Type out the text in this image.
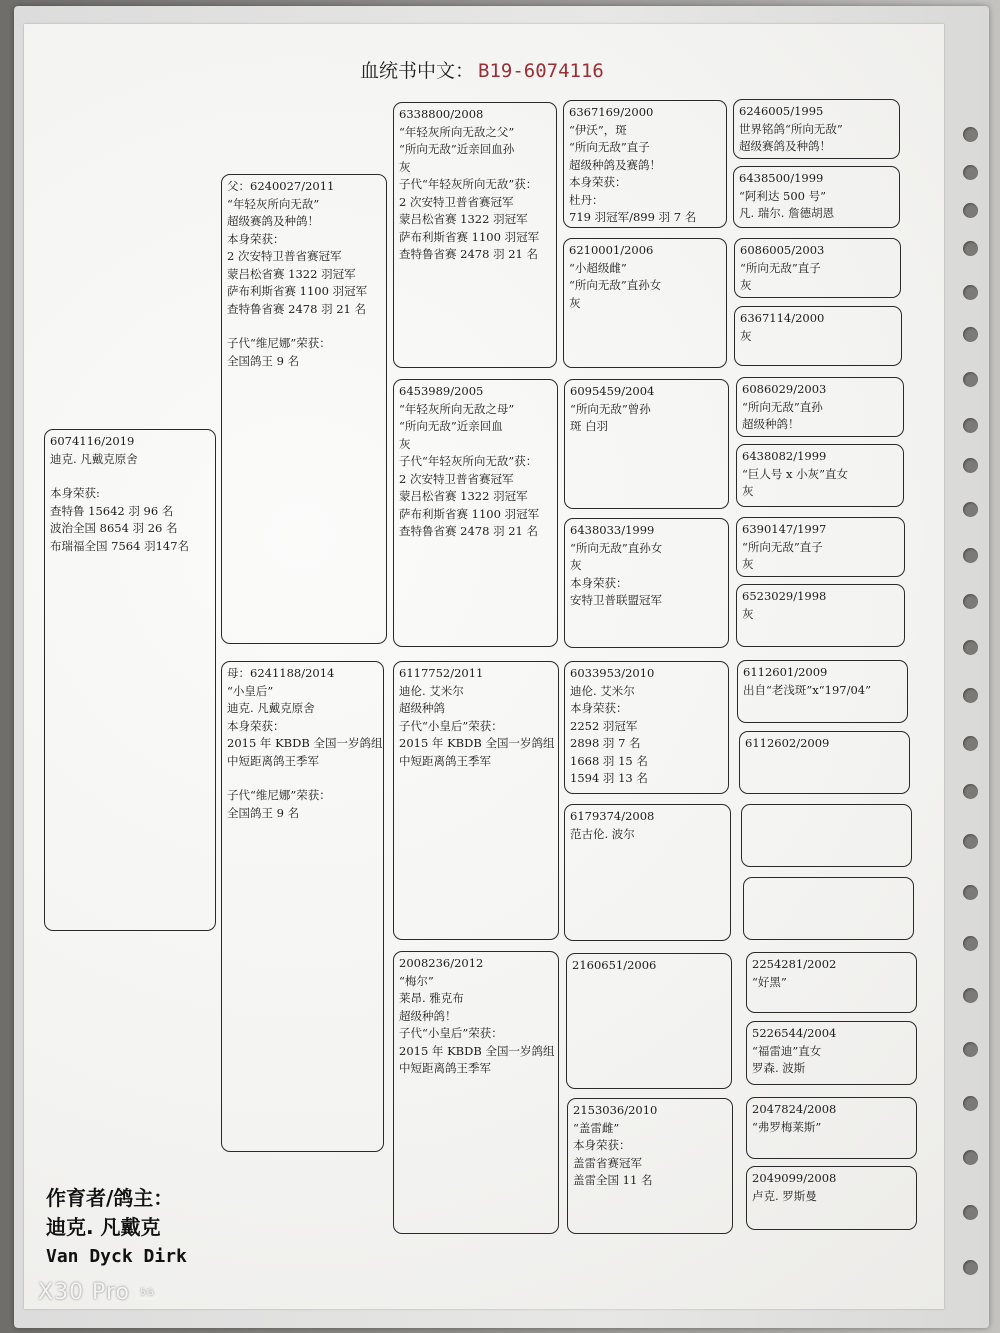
血统书中文： B19-6074116
6074116/2019
迪克. 凡戴克原舍
本身荣获:
查特鲁 15642 羽 96 名
波治全国 8654 羽 26 名
布瑞福全国 7564 羽147名
父：6240027/2011
“年轻灰所向无敌”
超级赛鸽及种鸽！
本身荣获：
2 次安特卫普省赛冠军
蒙吕松省赛 1322 羽冠军
萨布利斯省赛 1100 羽冠军
查特鲁省赛 2478 羽 21 名
子代“维尼娜”荣获：
全国鸽王 9 名
母：6241188/2014
“小皇后”
迪克. 凡戴克原舍
本身荣获：
2015 年 KBDB 全国一岁鸽组
中短距离鸽王季军
子代“维尼娜”荣获：
全国鸽王 9 名
6338800/2008
“年轻灰所向无敌之父”
“所向无敌”近亲回血孙
灰
子代“年轻灰所向无敌”获：
2 次安特卫普省赛冠军
蒙吕松省赛 1322 羽冠军
萨布利斯省赛 1100 羽冠军
查特鲁省赛 2478 羽 21 名
6453989/2005
“年轻灰所向无敌之母”
“所向无敌”近亲回血
灰
子代“年轻灰所向无敌”获：
2 次安特卫普省赛冠军
蒙吕松省赛 1322 羽冠军
萨布利斯省赛 1100 羽冠军
查特鲁省赛 2478 羽 21 名
6117752/2011
迪伦. 艾米尔
超级种鸽
子代“小皇后”荣获：
2015 年 KBDB 全国一岁鸽组
中短距离鸽王季军
2008236/2012
“梅尔”
莱昂. 雅克布
超级种鸽！
子代“小皇后”荣获：
2015 年 KBDB 全国一岁鸽组
中短距离鸽王季军
6367169/2000
“伊沃”，斑
“所向无敌”直子
超级种鸽及赛鸽！
本身荣获：
杜丹：
719 羽冠军/899 羽 7 名
6210001/2006
“小超级雌”
“所向无敌”直孙女
灰
6095459/2004
“所向无敌”曾孙
斑 白羽
6438033/1999
“所向无敌”直孙女
灰
本身荣获：
安特卫普联盟冠军
6033953/2010
迪伦. 艾米尔
本身荣获：
2252 羽冠军
2898 羽 7 名
1668 羽 15 名
1594 羽 13 名
6179374/2008
范古伦. 波尔
2160651/2006
2153036/2010
“盖雷雌”
本身荣获：
盖雷省赛冠军
盖雷全国 11 名
6246005/1995
世界铭鸽“所向无敌”
超级赛鸽及种鸽！
6438500/1999
“阿利达 500 号”
凡. 瑞尔. 詹德胡恩
6086005/2003
“所向无敌”直子
灰
6367114/2000
灰
6086029/2003
“所向无敌”直孙
超级种鸽！
6438082/1999
“巨人号 x 小灰”直女
灰
6390147/1997
“所向无敌”直子
灰
6523029/1998
灰
6112601/2009
出自“老浅斑”x“197/04”
6112602/2009
2254281/2002
“好黑”
5226544/2004
“福雷迪”直女
罗森. 波斯
2047824/2008
“弗罗梅莱斯”
2049099/2008
卢克. 罗斯曼
作育者/鸽主：
迪克. 凡戴克
Van Dyck Dirk
X30 Pro 5G
